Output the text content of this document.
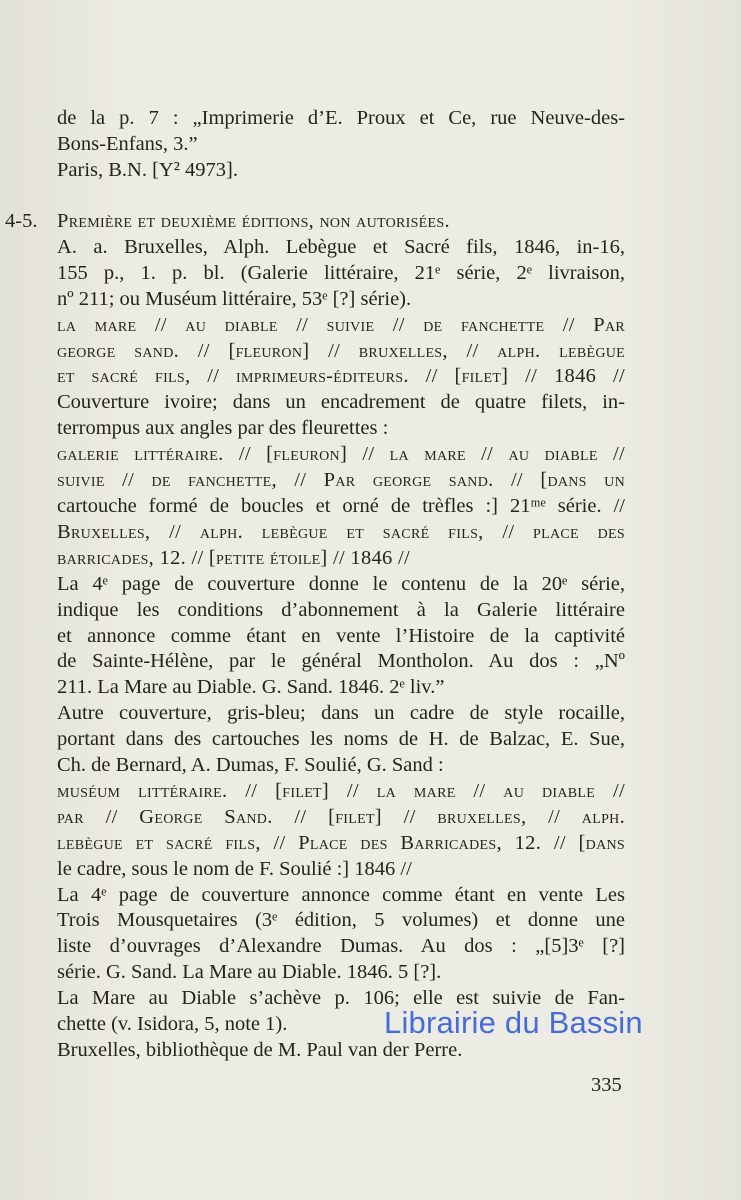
de la p. 7 : „Imprimerie d’E. Proux et Ce, rue Neuve-des-
Bons-Enfans, 3.”
Paris, B.N. [Y² 4973].
4-5. Première et deuxième éditions, non autorisées.
A. a. Bruxelles, Alph. Lebègue et Sacré fils, 1846, in-16,
155 p., 1. p. bl. (Galerie littéraire, 21ᵉ série, 2ᵉ livraison,
nº 211; ou Muséum littéraire, 53ᵉ [?] série).
la mare // au diable // suivie // de fanchette // Par
george sand. // [fleuron] // bruxelles, // alph. lebègue
et sacré fils, // imprimeurs-éditeurs. // [filet] // 1846 //
Couverture ivoire; dans un encadrement de quatre filets, in-
terrompus aux angles par des fleurettes :
galerie littéraire. // [fleuron] // la mare // au diable //
suivie // de fanchette, // Par george sand. // [dans un
cartouche formé de boucles et orné de trèfles :] 21ᵐᵉ série. //
Bruxelles, // alph. lebègue et sacré fils, // place des
barricades, 12. // [petite étoile] // 1846 //
La 4ᵉ page de couverture donne le contenu de la 20ᵉ série,
indique les conditions d’abonnement à la Galerie littéraire
et annonce comme étant en vente l’Histoire de la captivité
de Sainte-Hélène, par le général Montholon. Au dos : „Nº
211. La Mare au Diable. G. Sand. 1846. 2ᵉ liv.”
Autre couverture, gris-bleu; dans un cadre de style rocaille,
portant dans des cartouches les noms de H. de Balzac, E. Sue,
Ch. de Bernard, A. Dumas, F. Soulié, G. Sand :
muséum littéraire. // [filet] // la mare // au diable //
par // George Sand. // [filet] // bruxelles, // alph.
lebègue et sacré fils, // Place des Barricades, 12. // [dans
le cadre, sous le nom de F. Soulié :] 1846 //
La 4ᵉ page de couverture annonce comme étant en vente Les
Trois Mousquetaires (3ᵉ édition, 5 volumes) et donne une
liste d’ouvrages d’Alexandre Dumas. Au dos : „[5]3ᵉ [?]
série. G. Sand. La Mare au Diable. 1846. 5 [?].
La Mare au Diable s’achève p. 106; elle est suivie de Fan-
chette (v. Isidora, 5, note 1).
Bruxelles, bibliothèque de M. Paul van der Perre.
335
Librairie du Bassin
